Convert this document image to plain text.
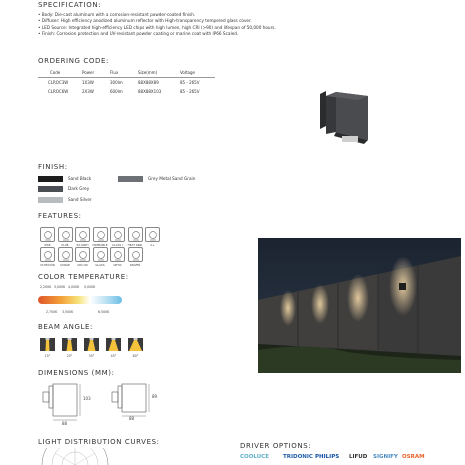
SPECIFICATION:
• Body: Die-cast aluminum with a corrosion-resistant powder-coated finish.
• Diffuser: High efficiency anodized aluminum reflector with High-transparency tempered glass cover.
• LED Source: Integrated high-efficiency LED chips with high lumen, high CRI (>90) and lifespan of 50,000 hours.
• Finish: Corrosion protection and UV-resistant powder coating or marine coat with IP66 Scaled.
ORDERING CODE:
Code	Power	Flux	Size(mm)	Voltage
CLROC3W	1X3W	300lm	88X88X89	85 - 265V
CLROC6W	2X3W	600lm	88X88X103	85 - 265V
FINISH:
Sand Black
Dark Grey
Sand Silver
Grey Metal Sand Grain
FEATURES:
IP66	IK-08	50,000H	DIMMABLE	CLASS I	HEAT SINK	A+
OUTDOOR	SURGE	CRI>90	GLASS	OPTIC	DRIVER
COLOR TEMPERATURE:
2,200K 3,000K 4,000K 5,000K
2,700K 3,500K	6,500K
BEAM ANGLE:
15°	25°	35°	45°	60°
DIMENSIONS (MM):
103
88
89
88
LIGHT DISTRIBUTION CURVES:	DRIVER OPTIONS:
COOLUCE	TRIDONIC PHILIPS LIFUD SIGNIFY OSRAM
